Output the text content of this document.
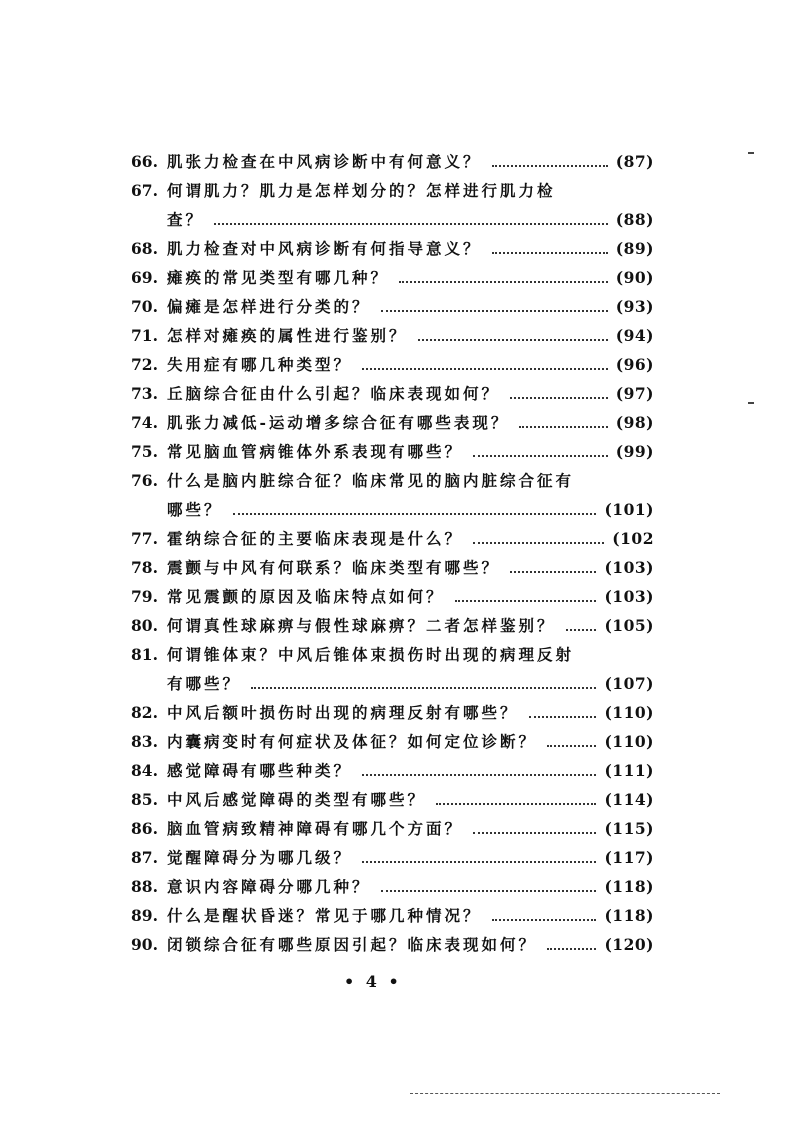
66. 肌张力检查在中风病诊断中有何意义？	(87)
67. 何谓肌力？肌力是怎样划分的？怎样进行肌力检
查？	(88)
68. 肌力检查对中风病诊断有何指导意义？	(89)
69. 瘫痪的常见类型有哪几种？	(90)
70. 偏瘫是怎样进行分类的？	(93)
71. 怎样对瘫痪的属性进行鉴别？	(94)
72. 失用症有哪几种类型？	(96)
73. 丘脑综合征由什么引起？临床表现如何？	(97)
74. 肌张力减低-运动增多综合征有哪些表现？	(98)
75. 常见脑血管病锥体外系表现有哪些？	(99)
76. 什么是脑内脏综合征？临床常见的脑内脏综合征有
哪些？	(101)
77. 霍纳综合征的主要临床表现是什么？	(102
78. 震颤与中风有何联系？临床类型有哪些？	(103)
79. 常见震颤的原因及临床特点如何？	(103)
80. 何谓真性球麻痹与假性球麻痹？二者怎样鉴别？	(105)
81. 何谓锥体束？中风后锥体束损伤时出现的病理反射
有哪些？	(107)
82. 中风后额叶损伤时出现的病理反射有哪些？	(110)
83. 内囊病变时有何症状及体征？如何定位诊断？	(110)
84. 感觉障碍有哪些种类？	(111)
85. 中风后感觉障碍的类型有哪些？	(114)
86. 脑血管病致精神障碍有哪几个方面？	(115)
87. 觉醒障碍分为哪几级？	(117)
88. 意识内容障碍分哪几种？	(118)
89. 什么是醒状昏迷？常见于哪几种情况？	(118)
90. 闭锁综合征有哪些原因引起？临床表现如何？	(120)
• 4 •
